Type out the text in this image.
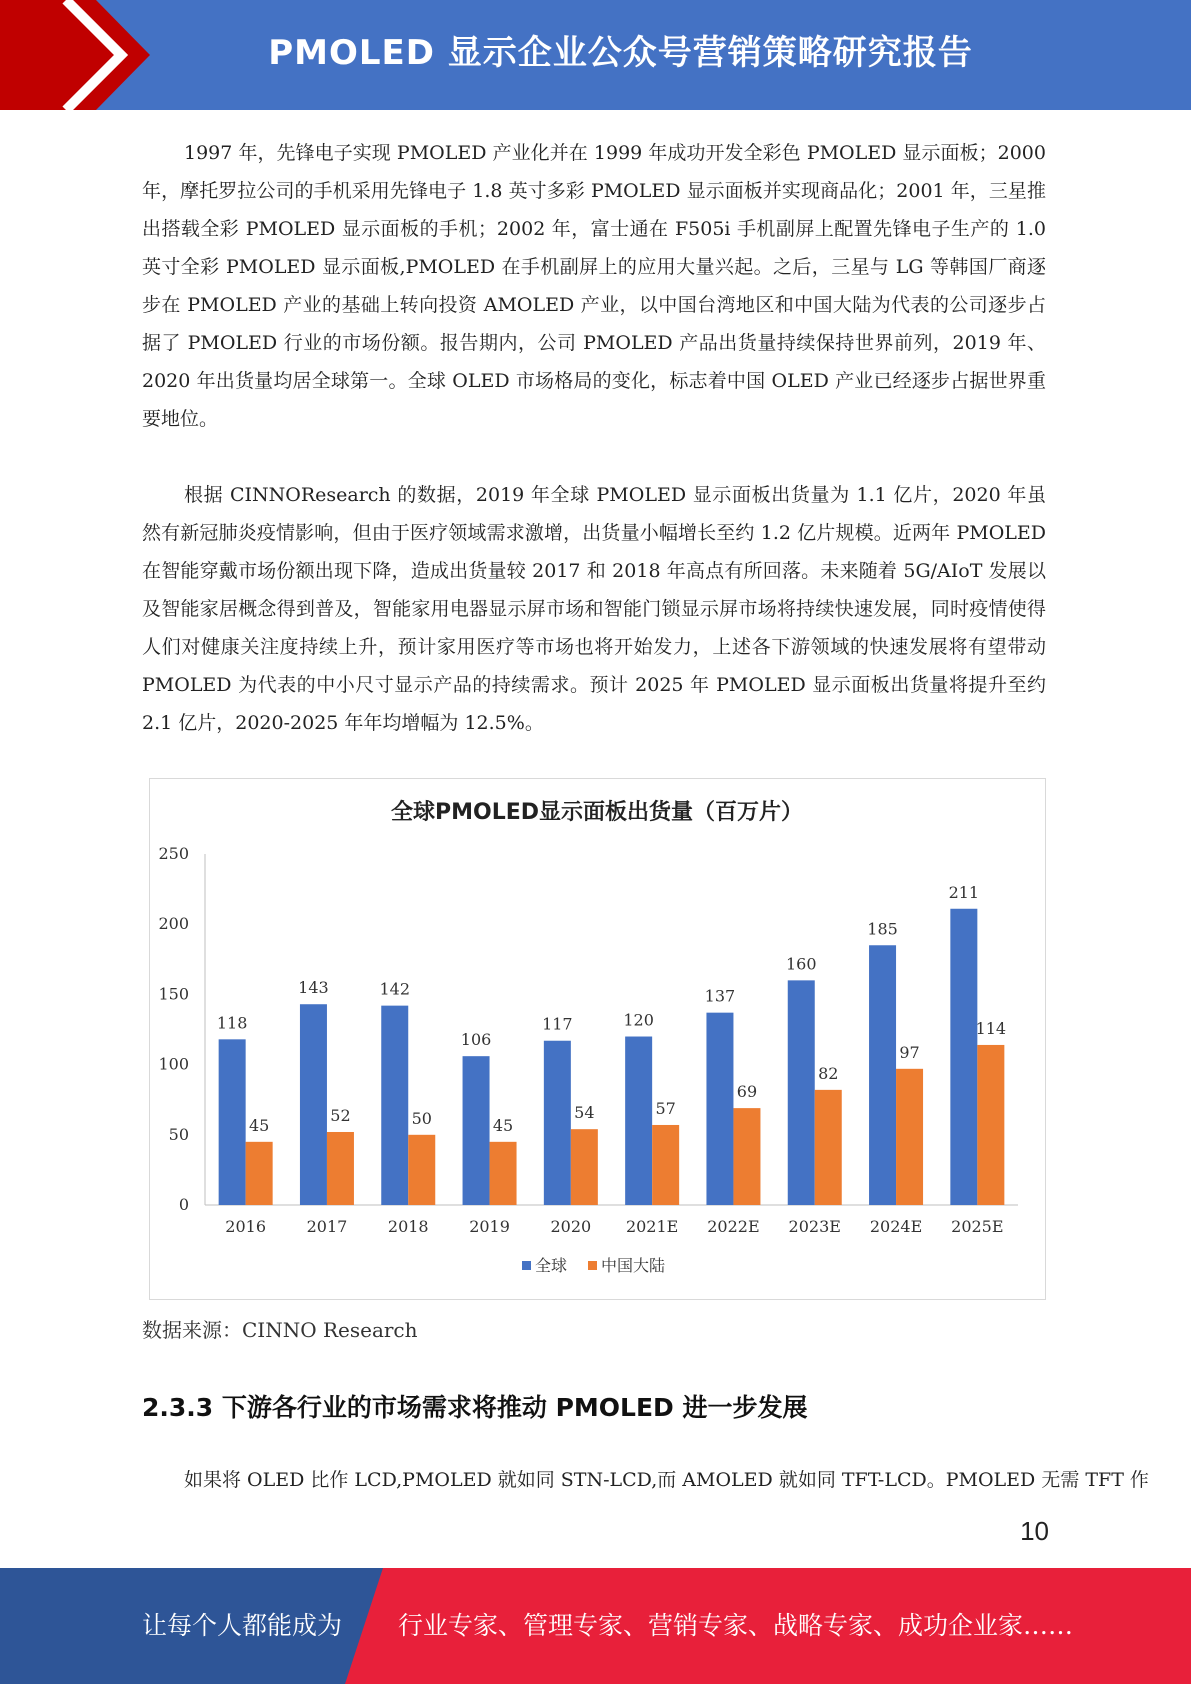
PMOLED 显示企业公众号营销策略研究报告

1997 年，先锋电子实现 PMOLED 产业化并在 1999 年成功开发全彩色 PMOLED 显示面板；2000 年，摩托罗拉公司的手机采用先锋电子 1.8 英寸多彩 PMOLED 显示面板并实现商品化；2001 年，三星推出搭载全彩 PMOLED 显示面板的手机；2002 年，富士通在 F505i 手机副屏上配置先锋电子生产的 1.0 英寸全彩 PMOLED 显示面板,PMOLED 在手机副屏上的应用大量兴起。之后，三星与 LG 等韩国厂商逐步在 PMOLED 产业的基础上转向投资 AMOLED 产业，以中国台湾地区和中国大陆为代表的公司逐步占据了 PMOLED 行业的市场份额。报告期内，公司 PMOLED 产品出货量持续保持世界前列，2019 年、2020 年出货量均居全球第一。全球 OLED 市场格局的变化，标志着中国 OLED 产业已经逐步占据世界重要地位。

根据 CINNOResearch 的数据，2019 年全球 PMOLED 显示面板出货量为 1.1 亿片，2020 年虽然有新冠肺炎疫情影响，但由于医疗领域需求激增，出货量小幅增长至约 1.2 亿片规模。近两年 PMOLED 在智能穿戴市场份额出现下降，造成出货量较 2017 和 2018 年高点有所回落。未来随着 5G/AIoT 发展以及智能家居概念得到普及，智能家用电器显示屏市场和智能门锁显示屏市场将持续快速发展，同时疫情使得人们对健康关注度持续上升，预计家用医疗等市场也将开始发力，上述各下游领域的快速发展将有望带动 PMOLED 为代表的中小尺寸显示产品的持续需求。预计 2025 年 PMOLED 显示面板出货量将提升至约 2.1 亿片，2020-2025 年年均增幅为 12.5%。

全球PMOLED显示面板出货量（百万片）
0
50
100
150
200
250
2016	2017	2018	2019	2020 2021E 2022E 2023E 2024E 2025E
118
45
143
52
142
50
106
45
117
54
120
57
137
69
160
82
185
97
211
114
全球 中国大陆
数据来源：CINNO Research
2.3.3 下游各行业的市场需求将推动 PMOLED 进一步发展

如果将 OLED 比作 LCD,PMOLED 就如同 STN-LCD,而 AMOLED 就如同 TFT-LCD。PMOLED 无需 TFT 作

10
让每个人都能成为 行业专家、管理专家、营销专家、战略专家、成功企业家……
